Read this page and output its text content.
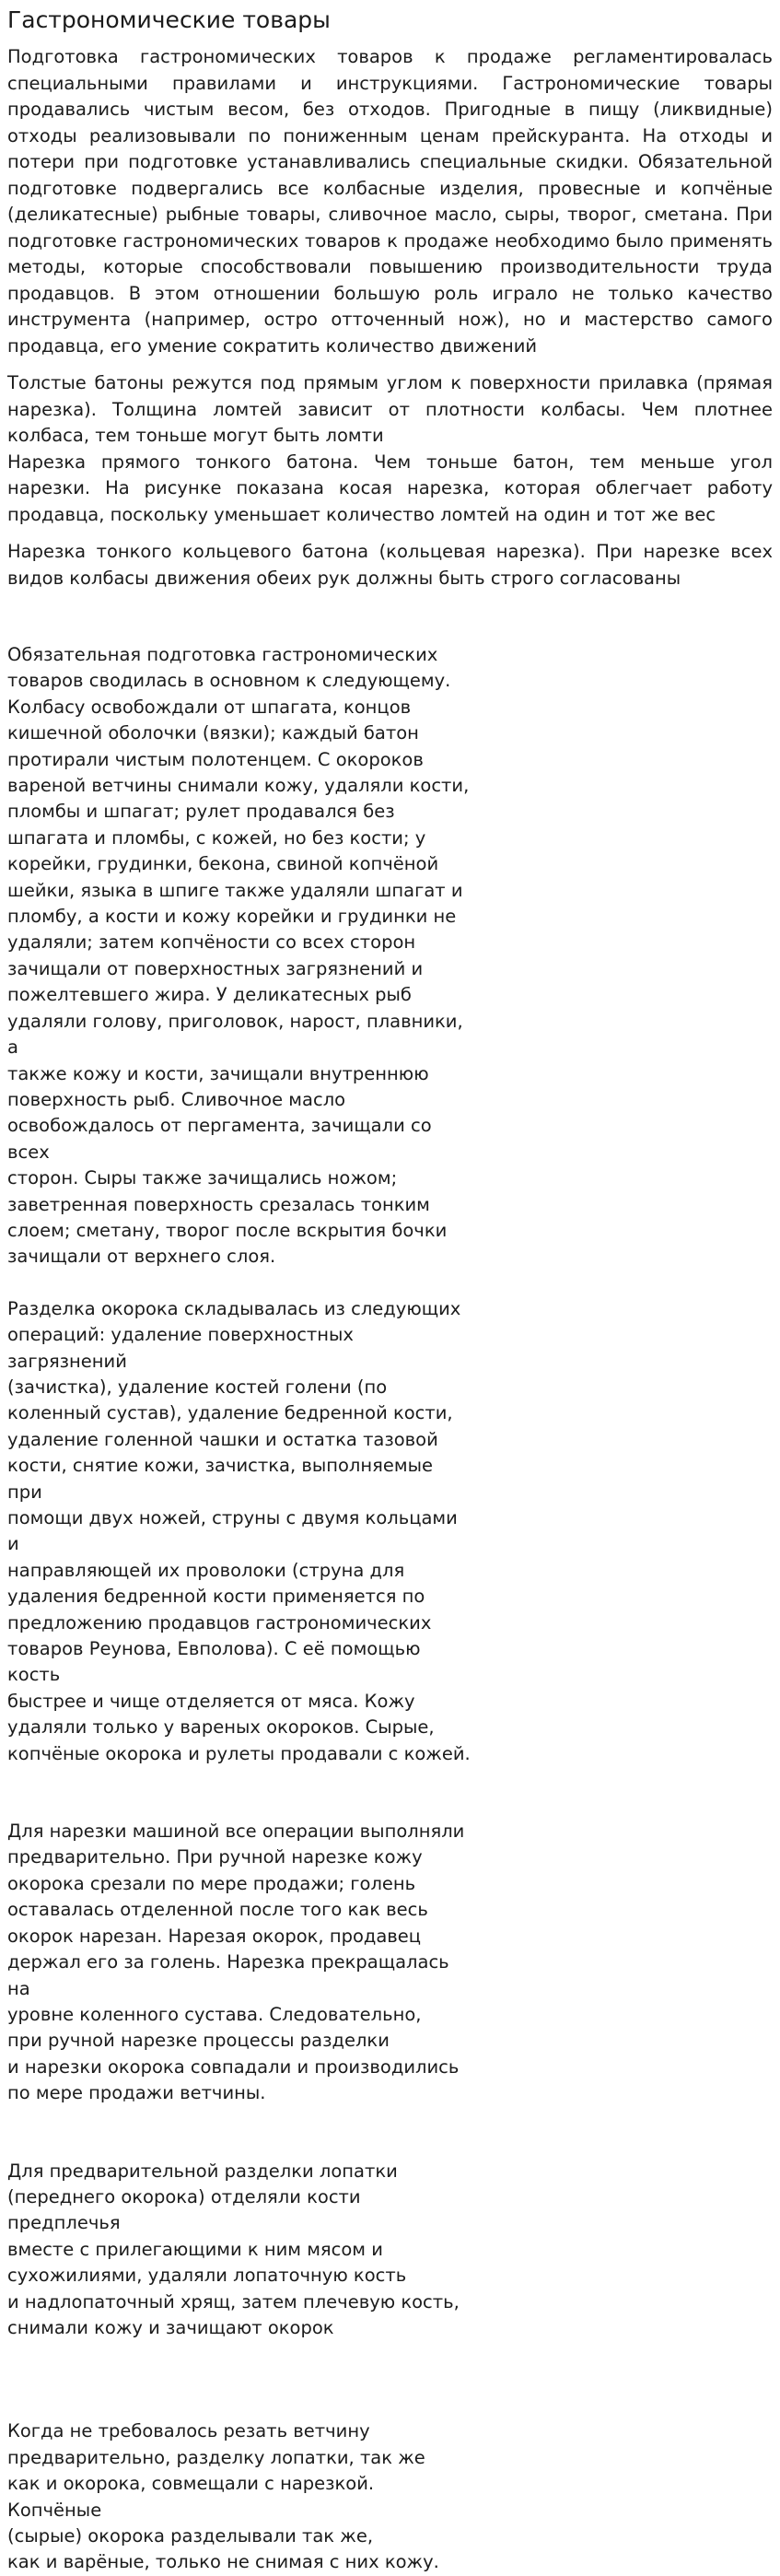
Гастрономические товары

Подготовка гастрономических товаров к продаже регламентировалась специальными правилами и инструкциями. Гастрономические товары продавались чистым весом, без отходов. Пригодные в пищу (ликвидные) отходы реализовывали по пониженным ценам прейскуранта. На отходы и потери при подготовке устанавливались специальные скидки. Обязательной подготовке подвергались все колбасные изделия, провесные и копчёные (деликатесные) рыбные товары, сливочное масло, сыры, творог, сметана. При подготовке гастрономических товаров к продаже необходимо было применять методы, которые способствовали повышению производительности труда продавцов. В этом отношении большую роль играло не только качество инструмента (например, остро отточенный нож), но и мастерство самого продавца, его умение сократить количество движений

Толстые батоны режутся под прямым углом к поверхности прилавка (прямая нарезка). Толщина ломтей зависит от плотности колбасы. Чем плотнее колбаса, тем тоньше могут быть ломти

Нарезка прямого тонкого батона. Чем тоньше батон, тем меньше угол нарезки. На рисунке показана косая нарезка, которая облегчает работу продавца, поскольку уменьшает количество ломтей на один и тот же вес

Нарезка тонкого кольцевого батона (кольцевая нарезка). При нарезке всех видов колбасы движения обеих рук должны быть строго согласованы

Обязательная подготовка гастрономических
товаров сводилась в основном к следующему.
Колбасу освобождали от шпагата, концов
кишечной оболочки (вязки); каждый батон
протирали чистым полотенцем. С окороков
вареной ветчины снимали кожу, удаляли кости,
пломбы и шпагат; рулет продавался без
шпагата и пломбы, с кожей, но без кости; у
корейки, грудинки, бекона, свиной копчёной
шейки, языка в шпиге также удаляли шпагат и
пломбу, а кости и кожу корейки и грудинки не
удаляли; затем копчёности со всех сторон
зачищали от поверхностных загрязнений и
пожелтевшего жира. У деликатесных рыб
удаляли голову, приголовок, нарост, плавники, а
также кожу и кости, зачищали внутреннюю
поверхность рыб. Сливочное масло
освобождалось от пергамента, зачищали со всех
сторон. Сыры также зачищались ножом;
заветренная поверхность срезалась тонким
слоем; сметану, творог после вскрытия бочки
зачищали от верхнего слоя.

Разделка окорока складывалась из следующих
операций: удаление поверхностных загрязнений
(зачистка), удаление костей голени (по
коленный сустав), удаление бедренной кости,
удаление голенной чашки и остатка тазовой
кости, снятие кожи, зачистка, выполняемые при
помощи двух ножей, струны с двумя кольцами и
направляющей их проволоки (струна для
удаления бедренной кости применяется по
предложению продавцов гастрономических
товаров Реунова, Евполова). С её помощью кость
быстрее и чище отделяется от мяса. Кожу
удаляли только у вареных окороков. Сырые,
копчёные окорока и рулеты продавали с кожей.

Для нарезки машиной все операции выполняли
предварительно. При ручной нарезке кожу
окорока срезали по мере продажи; голень
оставалась отделенной после того как весь
окорок нарезан. Нарезая окорок, продавец
держал его за голень. Нарезка прекращалась на
уровне коленного сустава. Следовательно,
при ручной нарезке процессы разделки
и нарезки окорока совпадали и производились
по мере продажи ветчины.

Для предварительной разделки лопатки
(переднего окорока) отделяли кости предплечья
вместе с прилегающими к ним мясом и
сухожилиями, удаляли лопаточную кость
и надлопаточный хрящ, затем плечевую кость,
снимали кожу и зачищают окорок

Когда не требовалось резать ветчину
предварительно, разделку лопатки, так же
как и окорока, совмещали с нарезкой. Копчёные
(сырые) окорока разделывали так же,
как и варёные, только не снимая с них кожу.
